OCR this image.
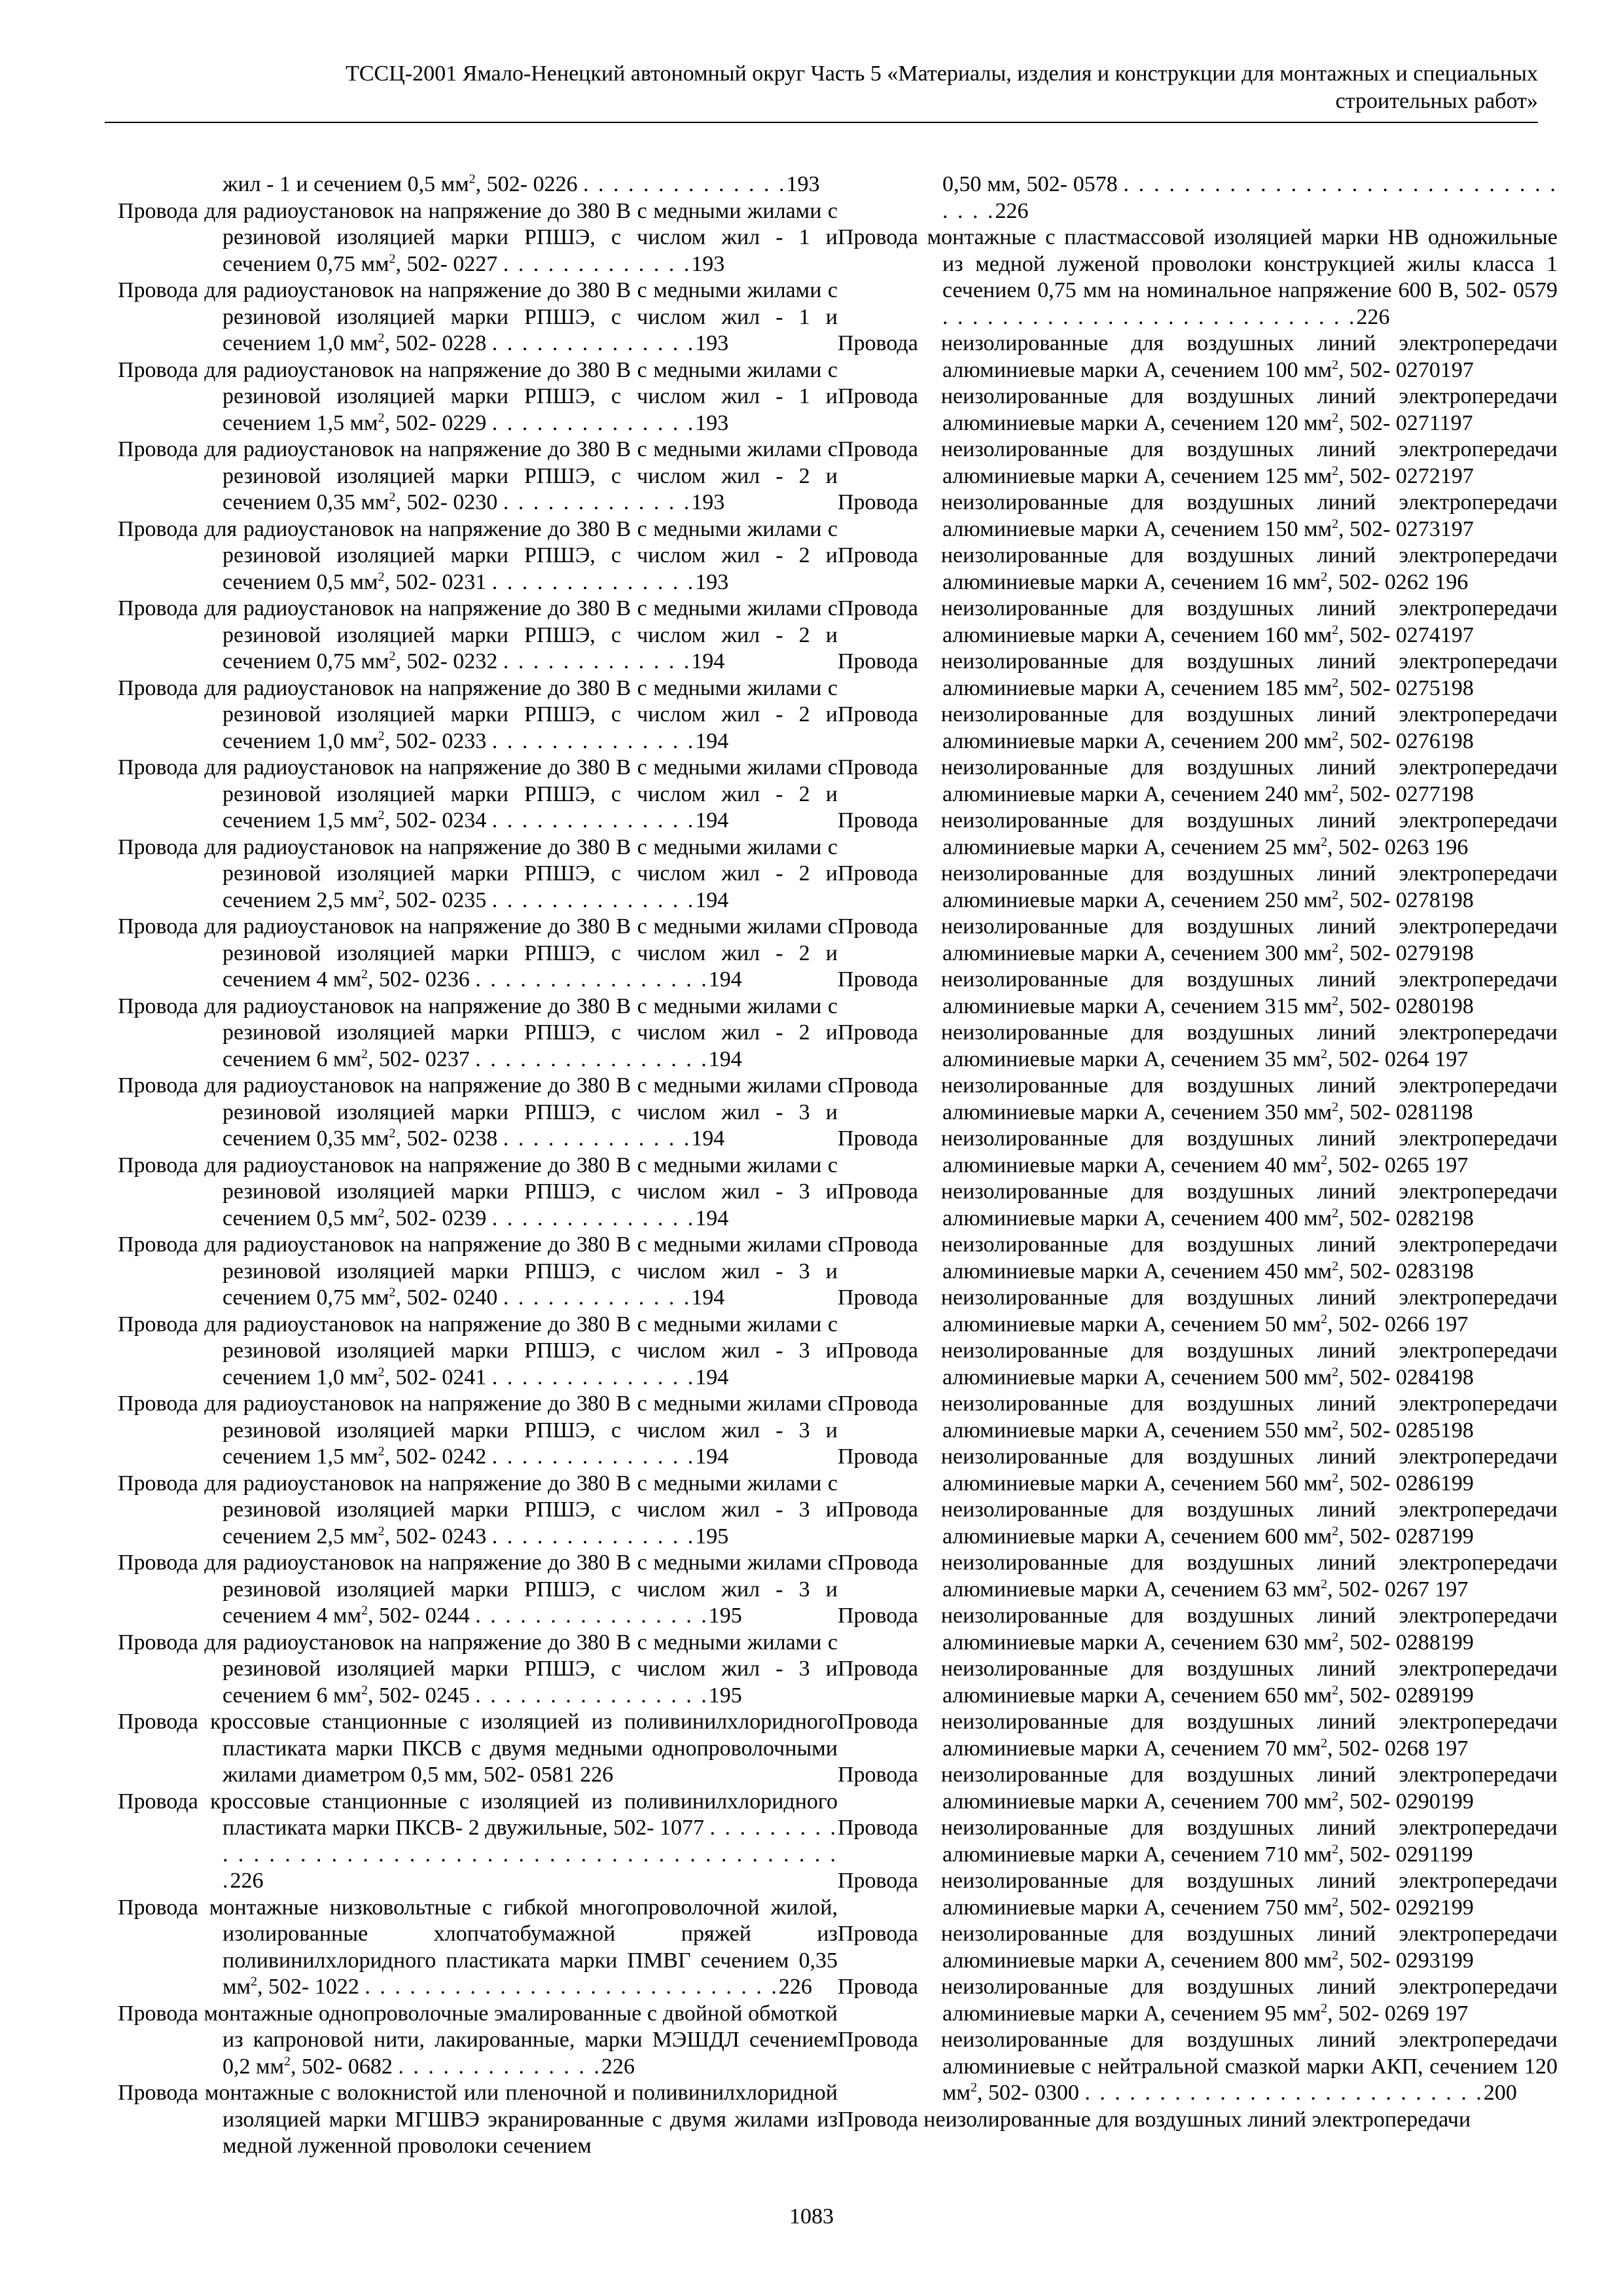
ТССЦ-2001 Ямало-Ненецкий автономный округ Часть 5 «Материалы, изделия и конструкции для монтажных и специальных
строительных работ»
жил - 1 и сечением 0,5 $мм^2$, 502- 0226 . . . . . . . . . . . . . .193
Провода для радиоустановок на напряжение до 380 В с медными жилами с резиновой изоляцией марки РПШЭ, с числом жил - 1 и сечением 0,75 $мм^2$, 502- 0227 . . . . . . . . . . . . .193
Провода для радиоустановок на напряжение до 380 В с медными жилами с резиновой изоляцией марки РПШЭ, с числом жил - 1 и сечением 1,0 $мм^2$, 502- 0228 . . . . . . . . . . . . . .193
Провода для радиоустановок на напряжение до 380 В с медными жилами с резиновой изоляцией марки РПШЭ, с числом жил - 1 и сечением 1,5 $мм^2$, 502- 0229 . . . . . . . . . . . . . .193
Провода для радиоустановок на напряжение до 380 В с медными жилами с резиновой изоляцией марки РПШЭ, с числом жил - 2 и сечением 0,35 $мм^2$, 502- 0230 . . . . . . . . . . . . .193
Провода для радиоустановок на напряжение до 380 В с медными жилами с резиновой изоляцией марки РПШЭ, с числом жил - 2 и сечением 0,5 $мм^2$, 502- 0231 . . . . . . . . . . . . . .193
Провода для радиоустановок на напряжение до 380 В с медными жилами с резиновой изоляцией марки РПШЭ, с числом жил - 2 и сечением 0,75 $мм^2$, 502- 0232 . . . . . . . . . . . . .194
Провода для радиоустановок на напряжение до 380 В с медными жилами с резиновой изоляцией марки РПШЭ, с числом жил - 2 и сечением 1,0 $мм^2$, 502- 0233 . . . . . . . . . . . . . .194
Провода для радиоустановок на напряжение до 380 В с медными жилами с резиновой изоляцией марки РПШЭ, с числом жил - 2 и сечением 1,5 $мм^2$, 502- 0234 . . . . . . . . . . . . . .194
Провода для радиоустановок на напряжение до 380 В с медными жилами с резиновой изоляцией марки РПШЭ, с числом жил - 2 и сечением 2,5 $мм^2$, 502- 0235 . . . . . . . . . . . . . .194
Провода для радиоустановок на напряжение до 380 В с медными жилами с резиновой изоляцией марки РПШЭ, с числом жил - 2 и сечением 4 $мм^2$, 502- 0236 . . . . . . . . . . . . . . . .194
Провода для радиоустановок на напряжение до 380 В с медными жилами с резиновой изоляцией марки РПШЭ, с числом жил - 2 и сечением 6 $мм^2$, 502- 0237 . . . . . . . . . . . . . . . .194
Провода для радиоустановок на напряжение до 380 В с медными жилами с резиновой изоляцией марки РПШЭ, с числом жил - 3 и сечением 0,35 $мм^2$, 502- 0238 . . . . . . . . . . . . .194
Провода для радиоустановок на напряжение до 380 В с медными жилами с резиновой изоляцией марки РПШЭ, с числом жил - 3 и сечением 0,5 $мм^2$, 502- 0239 . . . . . . . . . . . . . .194
Провода для радиоустановок на напряжение до 380 В с медными жилами с резиновой изоляцией марки РПШЭ, с числом жил - 3 и сечением 0,75 $мм^2$, 502- 0240 . . . . . . . . . . . . .194
Провода для радиоустановок на напряжение до 380 В с медными жилами с резиновой изоляцией марки РПШЭ, с числом жил - 3 и сечением 1,0 $мм^2$, 502- 0241 . . . . . . . . . . . . . .194
Провода для радиоустановок на напряжение до 380 В с медными жилами с резиновой изоляцией марки РПШЭ, с числом жил - 3 и сечением 1,5 $мм^2$, 502- 0242 . . . . . . . . . . . . . .194
Провода для радиоустановок на напряжение до 380 В с медными жилами с резиновой изоляцией марки РПШЭ, с числом жил - 3 и сечением 2,5 $мм^2$, 502- 0243 . . . . . . . . . . . . . .195
Провода для радиоустановок на напряжение до 380 В с медными жилами с резиновой изоляцией марки РПШЭ, с числом жил - 3 и сечением 4 $мм^2$, 502- 0244 . . . . . . . . . . . . . . . .195
Провода для радиоустановок на напряжение до 380 В с медными жилами с резиновой изоляцией марки РПШЭ, с числом жил - 3 и сечением 6 $мм^2$, 502- 0245 . . . . . . . . . . . . . . . .195
Провода кроссовые станционные с изоляцией из поливинилхлоридного пластиката марки ПКСВ с двумя медными однопроволочными жилами диаметром 0,5 мм, 502- 0581 226
Провода кроссовые станционные с изоляцией из поливинилхлоридного пластиката марки ПКСВ- 2 двужильные, 502- 1077 . . . . . . . . . . . . . . . . . . . . . . . . . . . . . . . . . . . . . . . . . . . . . . . . . .226
Провода монтажные низковольтные с гибкой многопроволочной жилой, изолированные хлопчатобумажной пряжей из поливинилхлоридного пластиката марки ПМВГ сечением 0,35 $мм^2$, 502- 1022 . . . . . . . . . . . . . . . . . . . . . . . . . . . .226
Провода монтажные однопроволочные эмалированные с двойной обмоткой из капроновой нити, лакированные, марки МЭШДЛ сечением 0,2 $мм^2$, 502- 0682 . . . . . . . . . . . . . .226
Провода монтажные с волокнистой или пленочной и поливинилхлоридной изоляцией марки МГШВЭ экранированные с двумя жилами из медной луженной проволоки сечением
0,50 мм, 502- 0578 . . . . . . . . . . . . . . . . . . . . . . . . . . . . . . . . .226
Провода монтажные с пластмассовой изоляцией марки НВ одножильные из медной луженой проволоки конструкцией жилы класса 1 сечением 0,75 мм на номинальное напряжение 600 В, 502- 0579 . . . . . . . . . . . . . . . . . . . . . . . . . . . .226
Провода неизолированные для воздушных линий электропередачи алюминиевые марки А, сечением 100 $мм^2$, 502- 0270197
Провода неизолированные для воздушных линий электропередачи алюминиевые марки А, сечением 120 $мм^2$, 502- 0271197
Провода неизолированные для воздушных линий электропередачи алюминиевые марки А, сечением 125 $мм^2$, 502- 0272197
Провода неизолированные для воздушных линий электропередачи алюминиевые марки А, сечением 150 $мм^2$, 502- 0273197
Провода неизолированные для воздушных линий электропередачи алюминиевые марки А, сечением 16 $мм^2$, 502- 0262 196
Провода неизолированные для воздушных линий электропередачи алюминиевые марки А, сечением 160 $мм^2$, 502- 0274197
Провода неизолированные для воздушных линий электропередачи алюминиевые марки А, сечением 185 $мм^2$, 502- 0275198
Провода неизолированные для воздушных линий электропередачи алюминиевые марки А, сечением 200 $мм^2$, 502- 0276198
Провода неизолированные для воздушных линий электропередачи алюминиевые марки А, сечением 240 $мм^2$, 502- 0277198
Провода неизолированные для воздушных линий электропередачи алюминиевые марки А, сечением 25 $мм^2$, 502- 0263 196
Провода неизолированные для воздушных линий электропередачи алюминиевые марки А, сечением 250 $мм^2$, 502- 0278198
Провода неизолированные для воздушных линий электропередачи алюминиевые марки А, сечением 300 $мм^2$, 502- 0279198
Провода неизолированные для воздушных линий электропередачи алюминиевые марки А, сечением 315 $мм^2$, 502- 0280198
Провода неизолированные для воздушных линий электропередачи алюминиевые марки А, сечением 35 $мм^2$, 502- 0264 197
Провода неизолированные для воздушных линий электропередачи алюминиевые марки А, сечением 350 $мм^2$, 502- 0281198
Провода неизолированные для воздушных линий электропередачи алюминиевые марки А, сечением 40 $мм^2$, 502- 0265 197
Провода неизолированные для воздушных линий электропередачи алюминиевые марки А, сечением 400 $мм^2$, 502- 0282198
Провода неизолированные для воздушных линий электропередачи алюминиевые марки А, сечением 450 $мм^2$, 502- 0283198
Провода неизолированные для воздушных линий электропередачи алюминиевые марки А, сечением 50 $мм^2$, 502- 0266 197
Провода неизолированные для воздушных линий электропередачи алюминиевые марки А, сечением 500 $мм^2$, 502- 0284198
Провода неизолированные для воздушных линий электропередачи алюминиевые марки А, сечением 550 $мм^2$, 502- 0285198
Провода неизолированные для воздушных линий электропередачи алюминиевые марки А, сечением 560 $мм^2$, 502- 0286199
Провода неизолированные для воздушных линий электропередачи алюминиевые марки А, сечением 600 $мм^2$, 502- 0287199
Провода неизолированные для воздушных линий электропередачи алюминиевые марки А, сечением 63 $мм^2$, 502- 0267 197
Провода неизолированные для воздушных линий электропередачи алюминиевые марки А, сечением 630 $мм^2$, 502- 0288199
Провода неизолированные для воздушных линий электропередачи алюминиевые марки А, сечением 650 $мм^2$, 502- 0289199
Провода неизолированные для воздушных линий электропередачи алюминиевые марки А, сечением 70 $мм^2$, 502- 0268 197
Провода неизолированные для воздушных линий электропередачи алюминиевые марки А, сечением 700 $мм^2$, 502- 0290199
Провода неизолированные для воздушных линий электропередачи алюминиевые марки А, сечением 710 $мм^2$, 502- 0291199
Провода неизолированные для воздушных линий электропередачи алюминиевые марки А, сечением 750 $мм^2$, 502- 0292199
Провода неизолированные для воздушных линий электропередачи алюминиевые марки А, сечением 800 $мм^2$, 502- 0293199
Провода неизолированные для воздушных линий электропередачи алюминиевые марки А, сечением 95 $мм^2$, 502- 0269 197
Провода неизолированные для воздушных линий электропередачи алюминиевые с нейтральной смазкой марки АКП, сечением 120 $мм^2$, 502- 0300 . . . . . . . . . . . . . . . . . . . . . . . . . . .200
Провода неизолированные для воздушных линий электропередачи
1083
